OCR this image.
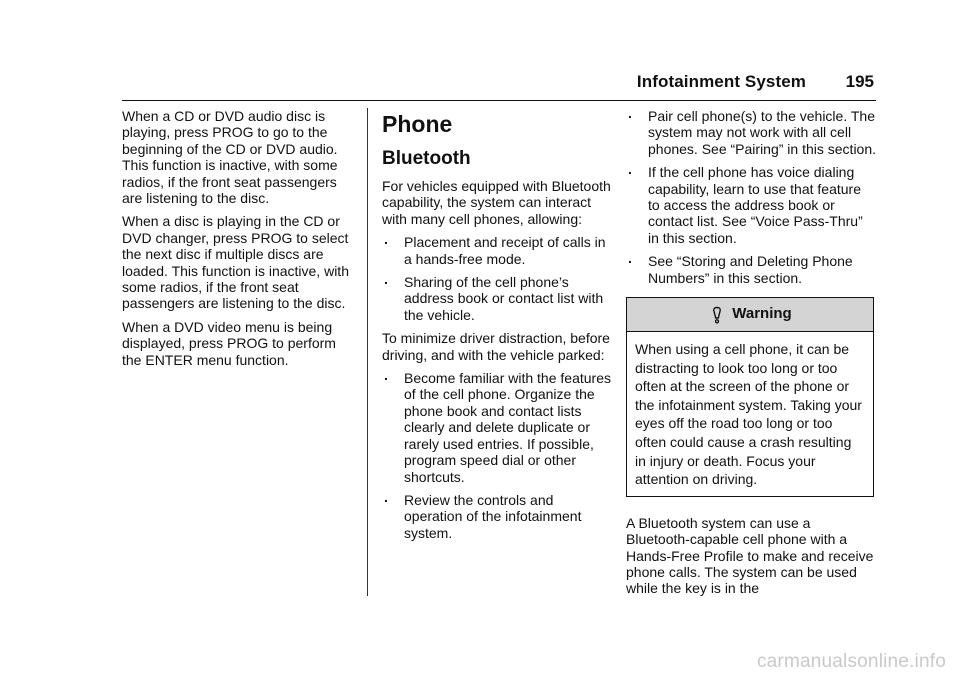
Infotainment System 195

When a CD or DVD audio disc is playing, press PROG to go to the beginning of the CD or DVD audio. This function is inactive, with some radios, if the front seat passengers are listening to the disc.

When a disc is playing in the CD or DVD changer, press PROG to select the next disc if multiple discs are loaded. This function is inactive, with some radios, if the front seat passengers are listening to the disc.

When a DVD video menu is being displayed, press PROG to perform the ENTER menu function.

Phone
Bluetooth

For vehicles equipped with Bluetooth capability, the system can interact with many cell phones, allowing:

. Placement and receipt of calls in a hands-free mode.
. Sharing of the cell phone’s address book or contact list with the vehicle.

To minimize driver distraction, before driving, and with the vehicle parked:

. Become familiar with the features of the cell phone. Organize the phone book and contact lists clearly and delete duplicate or rarely used entries. If possible, program speed dial or other shortcuts.
. Review the controls and operation of the infotainment system.
. Pair cell phone(s) to the vehicle. The system may not work with all cell phones. See “Pairing” in this section.
. If the cell phone has voice dialing capability, learn to use that feature to access the address book or contact list. See “Voice Pass-Thru” in this section.
. See “Storing and Deleting Phone Numbers” in this section.
Warning
When using a cell phone, it can be distracting to look too long or too often at the screen of the phone or the infotainment system. Taking your eyes off the road too long or too often could cause a crash resulting in injury or death. Focus your attention on driving.

A Bluetooth system can use a Bluetooth-capable cell phone with a Hands-Free Profile to make and receive phone calls. The system can be used while the key is in the

carmanualsonline.info
